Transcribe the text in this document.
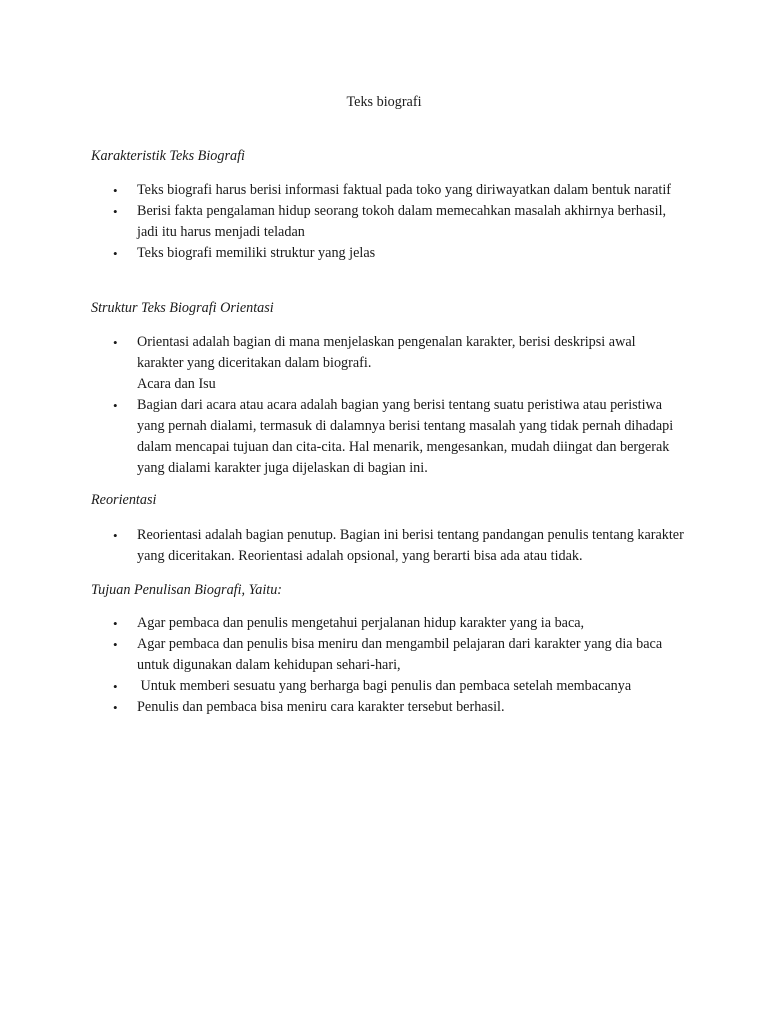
Teks biografi
Karakteristik Teks Biografi
•	Teks biografi harus berisi informasi faktual pada toko yang diriwayatkan dalam bentuk naratif
•	Berisi fakta pengalaman hidup seorang tokoh dalam memecahkan masalah akhirnya berhasil, jadi itu harus menjadi teladan
•	Teks biografi memiliki struktur yang jelas
Struktur Teks Biografi Orientasi
•	Orientasi adalah bagian di mana menjelaskan pengenalan karakter, berisi deskripsi awal karakter yang diceritakan dalam biografi.
Acara dan Isu
•	Bagian dari acara atau acara adalah bagian yang berisi tentang suatu peristiwa atau peristiwa yang pernah dialami, termasuk di dalamnya berisi tentang masalah yang tidak pernah dihadapi dalam mencapai tujuan dan cita-cita. Hal menarik, mengesankan, mudah diingat dan bergerak yang dialami karakter juga dijelaskan di bagian ini.
Reorientasi
•	Reorientasi adalah bagian penutup. Bagian ini berisi tentang pandangan penulis tentang karakter yang diceritakan. Reorientasi adalah opsional, yang berarti bisa ada atau tidak.
Tujuan Penulisan Biografi, Yaitu:
•	Agar pembaca dan penulis mengetahui perjalanan hidup karakter yang ia baca,
•	Agar pembaca dan penulis bisa meniru dan mengambil pelajaran dari karakter yang dia baca untuk digunakan dalam kehidupan sehari-hari,
•	Untuk memberi sesuatu yang berharga bagi penulis dan pembaca setelah membacanya
•	Penulis dan pembaca bisa meniru cara karakter tersebut berhasil.
